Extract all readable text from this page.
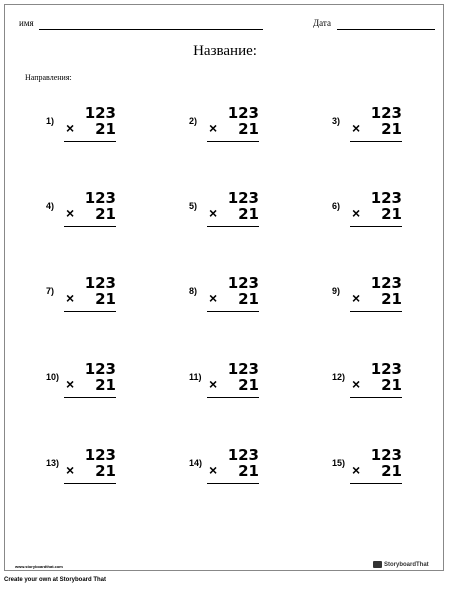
имя	Дата
Название:
Направления:
1) 123
× 21	2) 123
× 21	3) 123
× 21
4) 123
× 21	5) 123
× 21	6) 123
× 21
7) 123
× 21	8) 123
× 21	9) 123
× 21
10) 123
× 21	11) 123
× 21	12) 123
× 21
13) 123
× 21	14) 123
× 21	15) 123
× 21
www.storyboardthat.com	StoryboardThat
Create your own at Storyboard That
